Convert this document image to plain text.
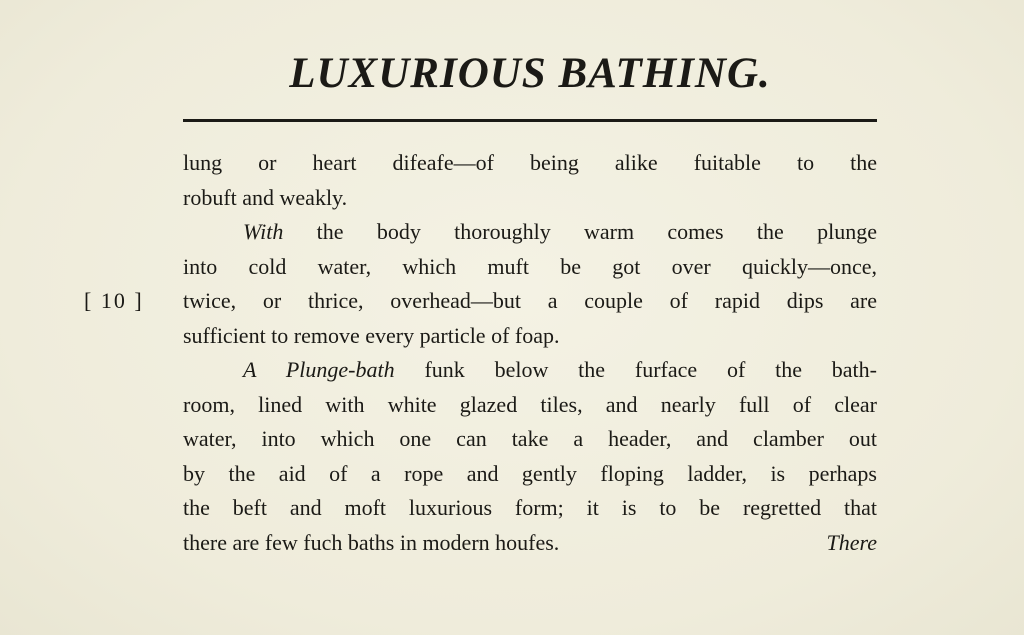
LUXURIOUS BATHING.
[ 10 ]
lung or heart difeafe—of being alike fuitable to the
robuft and weakly.
With the body thoroughly warm comes the plunge
into cold water, which muft be got over quickly—once,
twice, or thrice, overhead—but a couple of rapid dips are
sufficient to remove every particle of foap.
A Plunge-bath funk below the furface of the bath-
room, lined with white glazed tiles, and nearly full of clear
water, into which one can take a header, and clamber out
by the aid of a rope and gently floping ladder, is perhaps
the beft and moft luxurious form; it is to be regretted that
there are few fuch baths in modern houfes.	There
